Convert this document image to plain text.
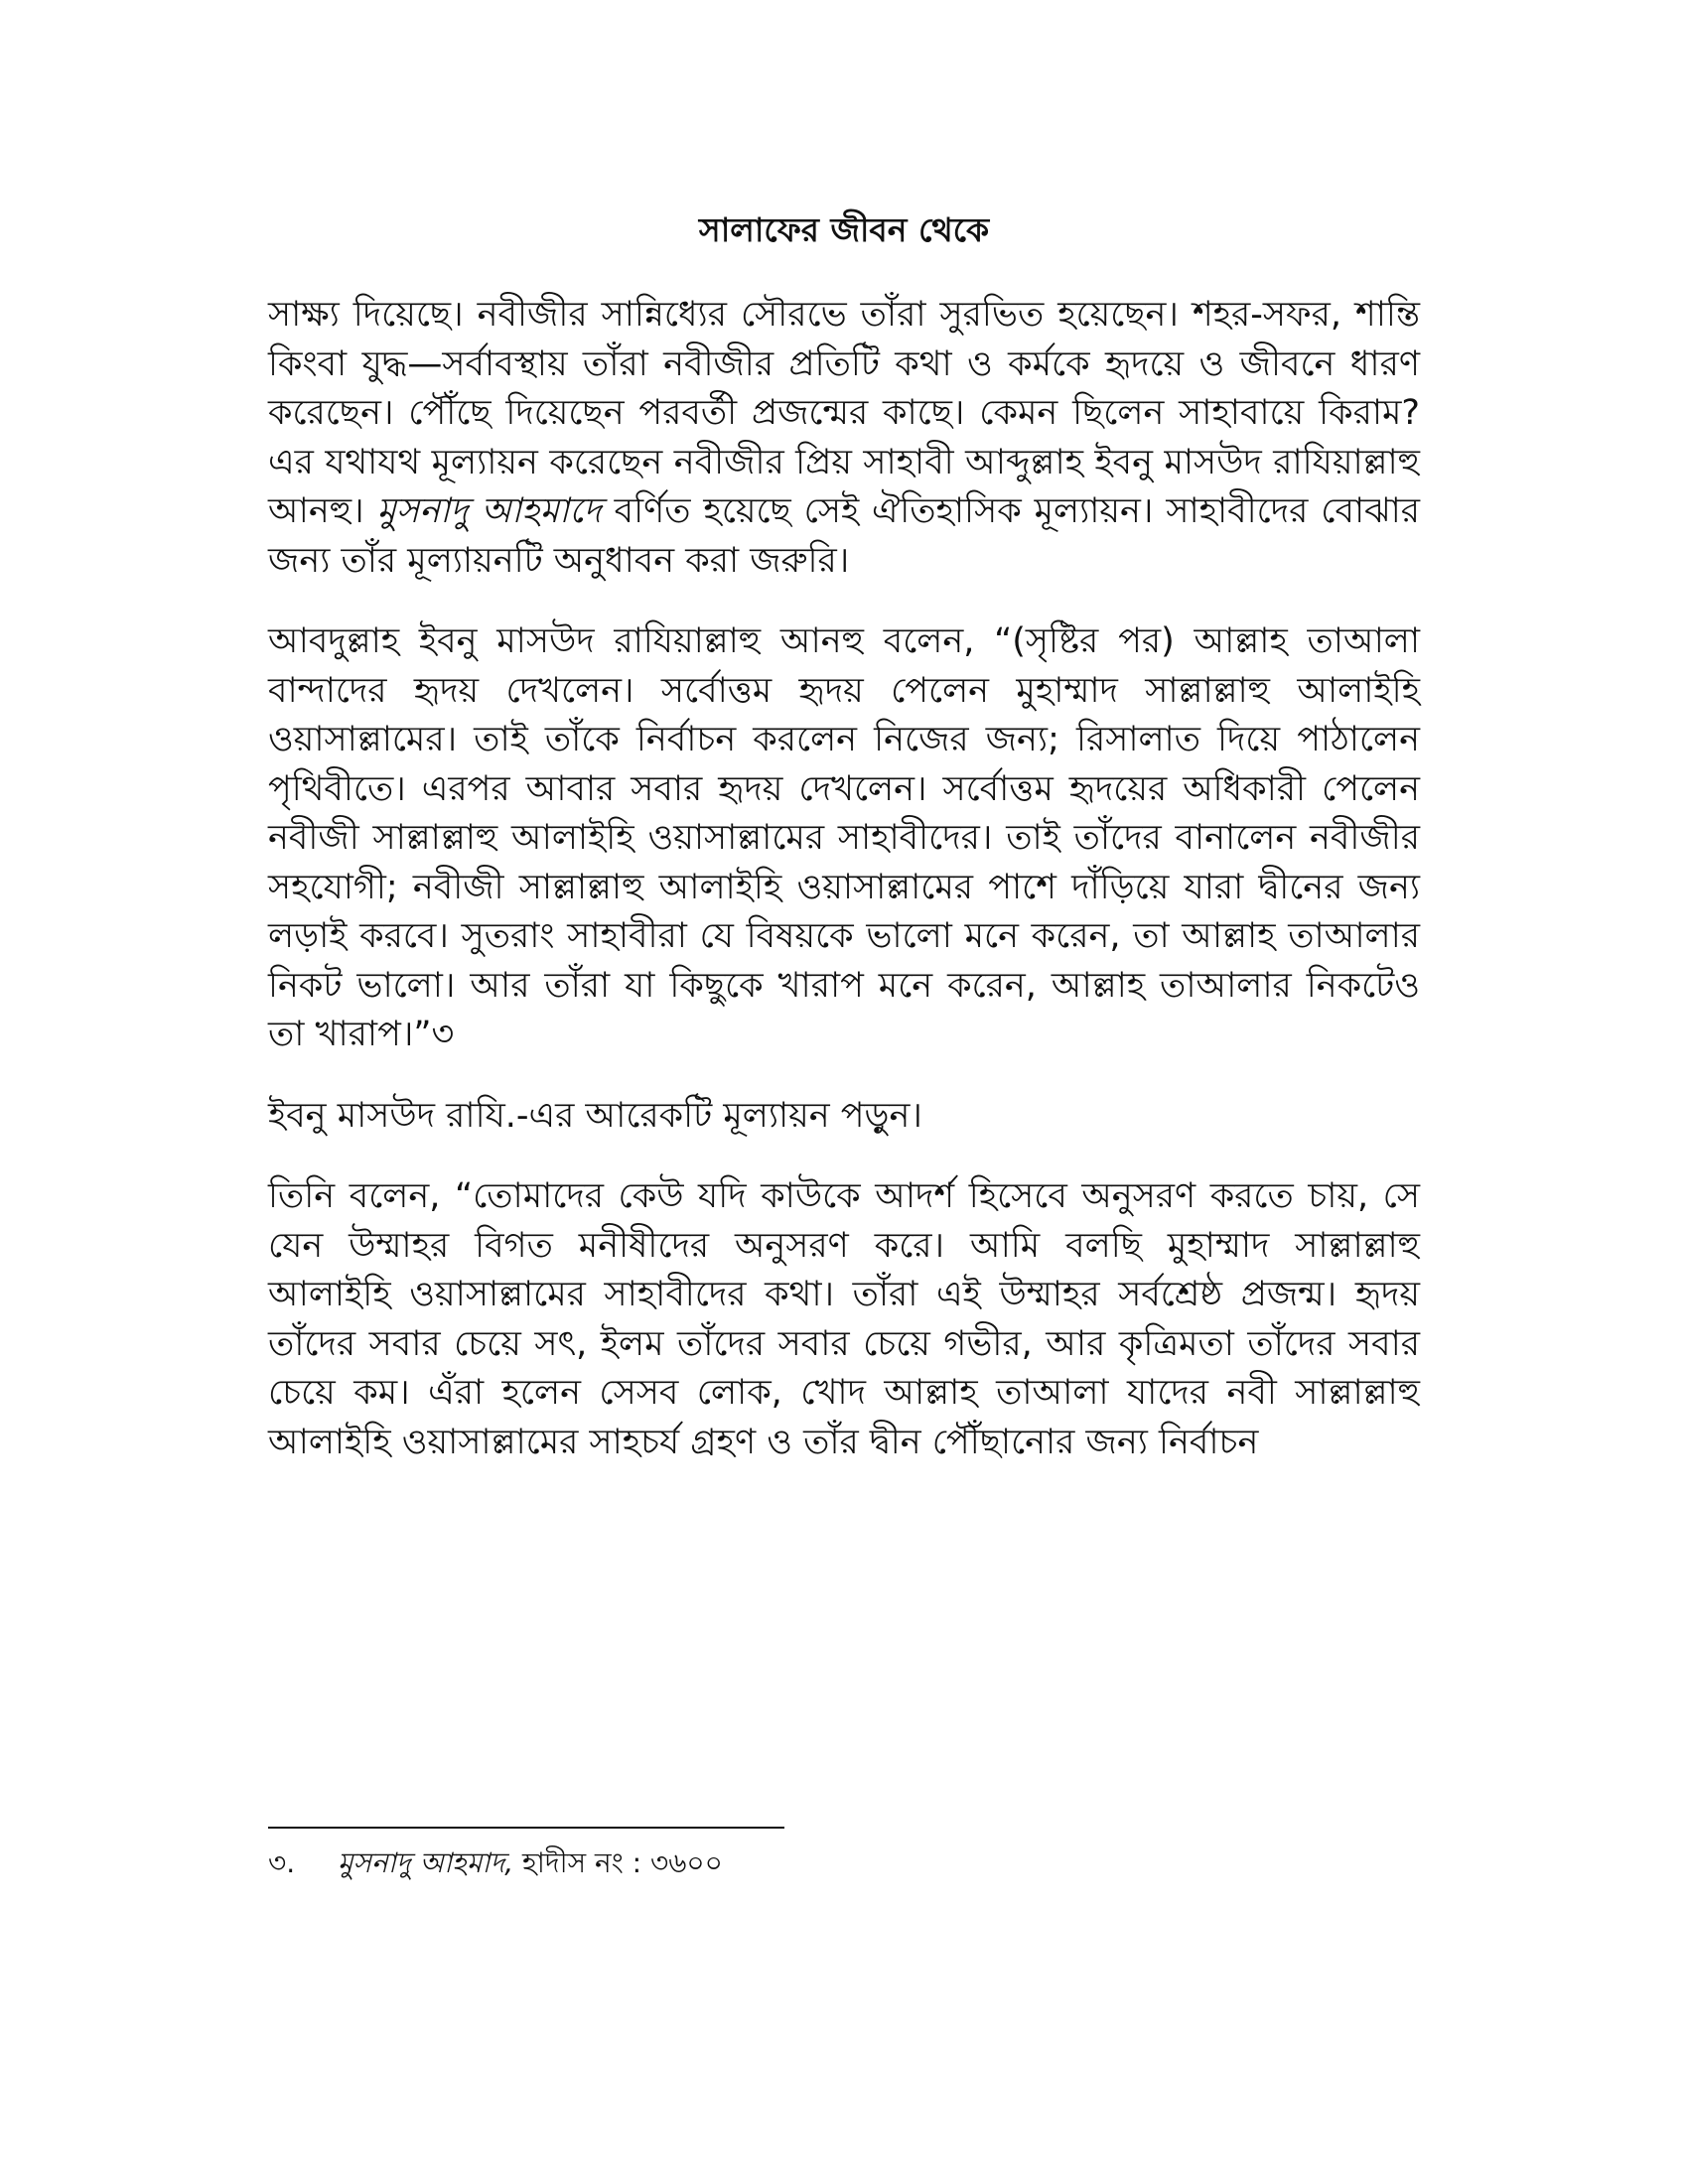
সালাফের জীবন থেকে

সাক্ষ্য দিয়েছে। নবীজীর সান্নিধ্যের সৌরভে তাঁরা সুরভিত হয়েছেন। শহর-সফর, শান্তি কিংবা যুদ্ধ—সর্বাবস্থায় তাঁরা নবীজীর প্রতিটি কথা ও কর্মকে হৃদয়ে ও জীবনে ধারণ করেছেন। পৌঁছে দিয়েছেন পরবর্তী প্রজন্মের কাছে। কেমন ছিলেন সাহাবায়ে কিরাম? এর যথাযথ মূল্যায়ন করেছেন নবীজীর প্রিয় সাহাবী আব্দুল্লাহ ইবনু মাসউদ রাযিয়াল্লাহু আনহু। মুসনাদু আহমাদে বর্ণিত হয়েছে সেই ঐতিহাসিক মূল্যায়ন। সাহাবীদের বোঝার জন্য তাঁর মূল্যায়নটি অনুধাবন করা জরুরি।

আবদুল্লাহ ইবনু মাসউদ রাযিয়াল্লাহু আনহু বলেন, “(সৃষ্টির পর) আল্লাহ তাআলা বান্দাদের হৃদয় দেখলেন। সর্বোত্তম হৃদয় পেলেন মুহাম্মাদ সাল্লাল্লাহু আলাইহি ওয়াসাল্লামের। তাই তাঁকে নির্বাচন করলেন নিজের জন্য; রিসালাত দিয়ে পাঠালেন পৃথিবীতে। এরপর আবার সবার হৃদয় দেখলেন। সর্বোত্তম হৃদয়ের অধিকারী পেলেন নবীজী সাল্লাল্লাহু আলাইহি ওয়াসাল্লামের সাহাবীদের। তাই তাঁদের বানালেন নবীজীর সহযোগী; নবীজী সাল্লাল্লাহু আলাইহি ওয়াসাল্লামের পাশে দাঁড়িয়ে যারা দ্বীনের জন্য লড়াই করবে। সুতরাং সাহাবীরা যে বিষয়কে ভালো মনে করেন, তা আল্লাহ তাআলার নিকট ভালো। আর তাঁরা যা কিছুকে খারাপ মনে করেন, আল্লাহ তাআলার নিকটেও তা খারাপ।”৩

ইবনু মাসউদ রাযি.-এর আরেকটি মূল্যায়ন পড়ুন।

তিনি বলেন, “তোমাদের কেউ যদি কাউকে আদর্শ হিসেবে অনুসরণ করতে চায়, সে যেন উম্মাহর বিগত মনীষীদের অনুসরণ করে। আমি বলছি মুহাম্মাদ সাল্লাল্লাহু আলাইহি ওয়াসাল্লামের সাহাবীদের কথা। তাঁরা এই উম্মাহর সর্বশ্রেষ্ঠ প্রজন্ম। হৃদয় তাঁদের সবার চেয়ে সৎ, ইলম তাঁদের সবার চেয়ে গভীর, আর কৃত্রিমতা তাঁদের সবার চেয়ে কম। এঁরা হলেন সেসব লোক, খোদ আল্লাহ তাআলা যাদের নবী সাল্লাল্লাহু আলাইহি ওয়াসাল্লামের সাহচর্য গ্রহণ ও তাঁর দ্বীন পৌঁছানোর জন্য নির্বাচন

৩. মুসনাদু আহমাদ, হাদীস নং : ৩৬০০
